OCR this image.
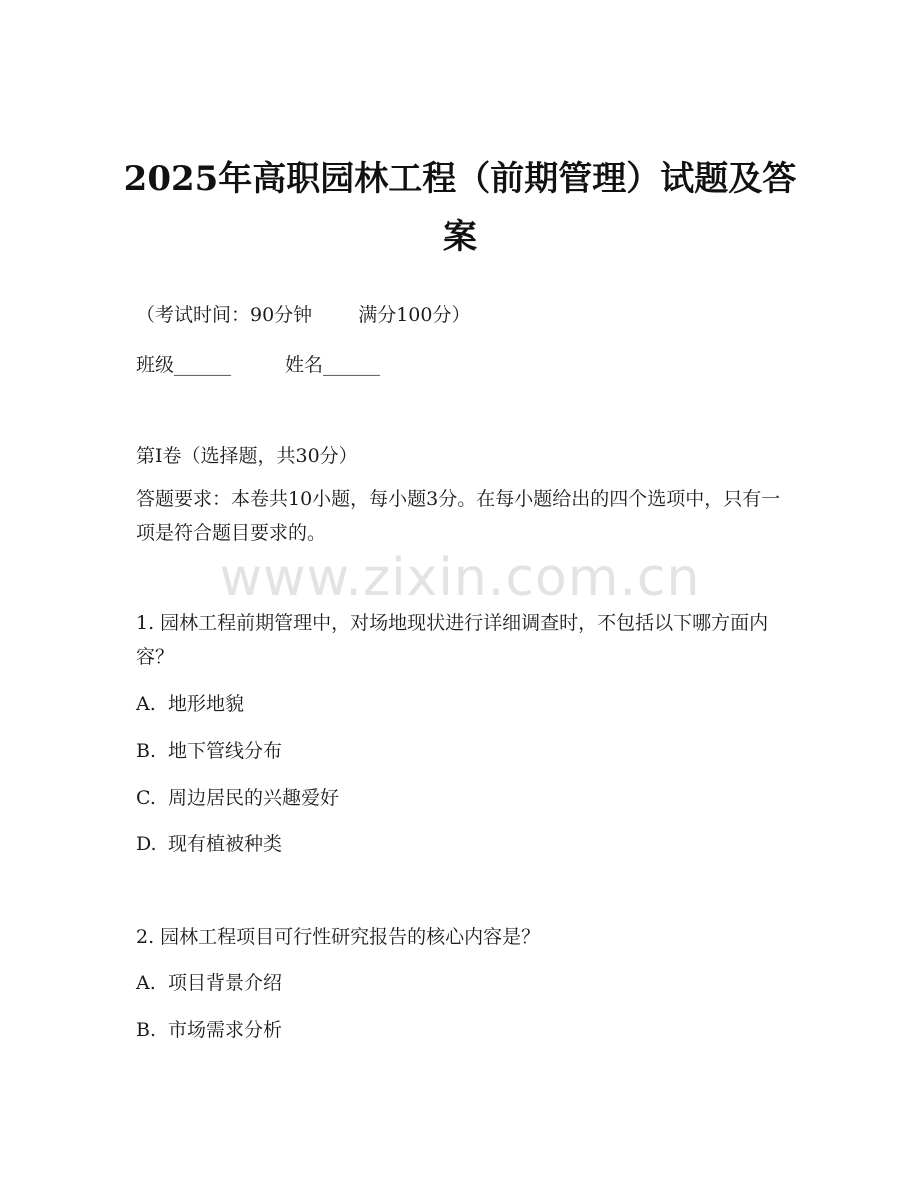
www.zixin.com.cn
2025年高职园林工程（前期管理）试题及答案
（考试时间：90分钟 满分100分）
班级______	姓名______
第I卷（选择题，共30分）
答题要求：本卷共10小题，每小题3分。在每小题给出的四个选项中，只有一项是符合题目要求的。
1. 园林工程前期管理中，对场地现状进行详细调查时，不包括以下哪方面内容？
A. 地形地貌
B. 地下管线分布
C. 周边居民的兴趣爱好
D. 现有植被种类
2. 园林工程项目可行性研究报告的核心内容是？
A. 项目背景介绍
B. 市场需求分析
